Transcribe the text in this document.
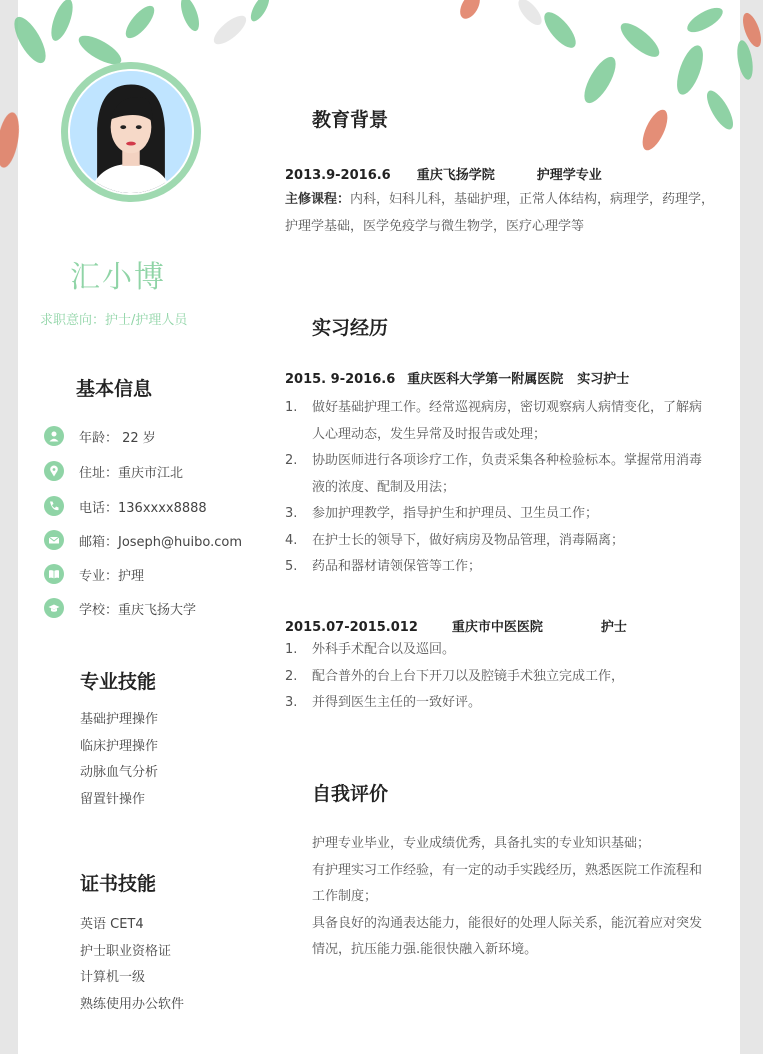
汇小博
求职意向：护士/护理人员
基本信息
年龄： 22 岁
住址：重庆市江北
电话：136xxxx8888
邮箱：Joseph@huibo.com
专业：护理
学校：重庆飞扬大学
专业技能
基础护理操作
临床护理操作
动脉血气分析
留置针操作
证书技能
英语 CET4
护士职业资格证
计算机一级
熟练使用办公软件
教育背景
2013.9-2016.6 重庆飞扬学院	护理学专业
主修课程：内科，妇科儿科，基础护理，正常人体结构，病理学，药理学，
护理学基础，医学免疫学与微生物学，医疗心理学等
实习经历
2015. 9-2016.6 重庆医科大学第一附属医院 实习护士
1.	做好基础护理工作。经常巡视病房，密切观察病人病情变化，了解病
人心理动态，发生异常及时报告或处理；
2.	协助医师进行各项诊疗工作，负责采集各种检验标本。掌握常用消毒
液的浓度、配制及用法；
3.	参加护理教学，指导护生和护理员、卫生员工作；
4.	在护士长的领导下，做好病房及物品管理，消毒隔离；
5.	药品和器材请领保管等工作；
2015.07-2015.012	重庆市中医医院	护士
1.	外科手术配合以及巡回。
2.	配合普外的台上台下开刀以及腔镜手术独立完成工作，
3.	并得到医生主任的一致好评。
自我评价
护理专业毕业，专业成绩优秀，具备扎实的专业知识基础；
有护理实习工作经验，有一定的动手实践经历，熟悉医院工作流程和
工作制度；
具备良好的沟通表达能力，能很好的处理人际关系，能沉着应对突发
情况，抗压能力强.能很快融入新环境。
